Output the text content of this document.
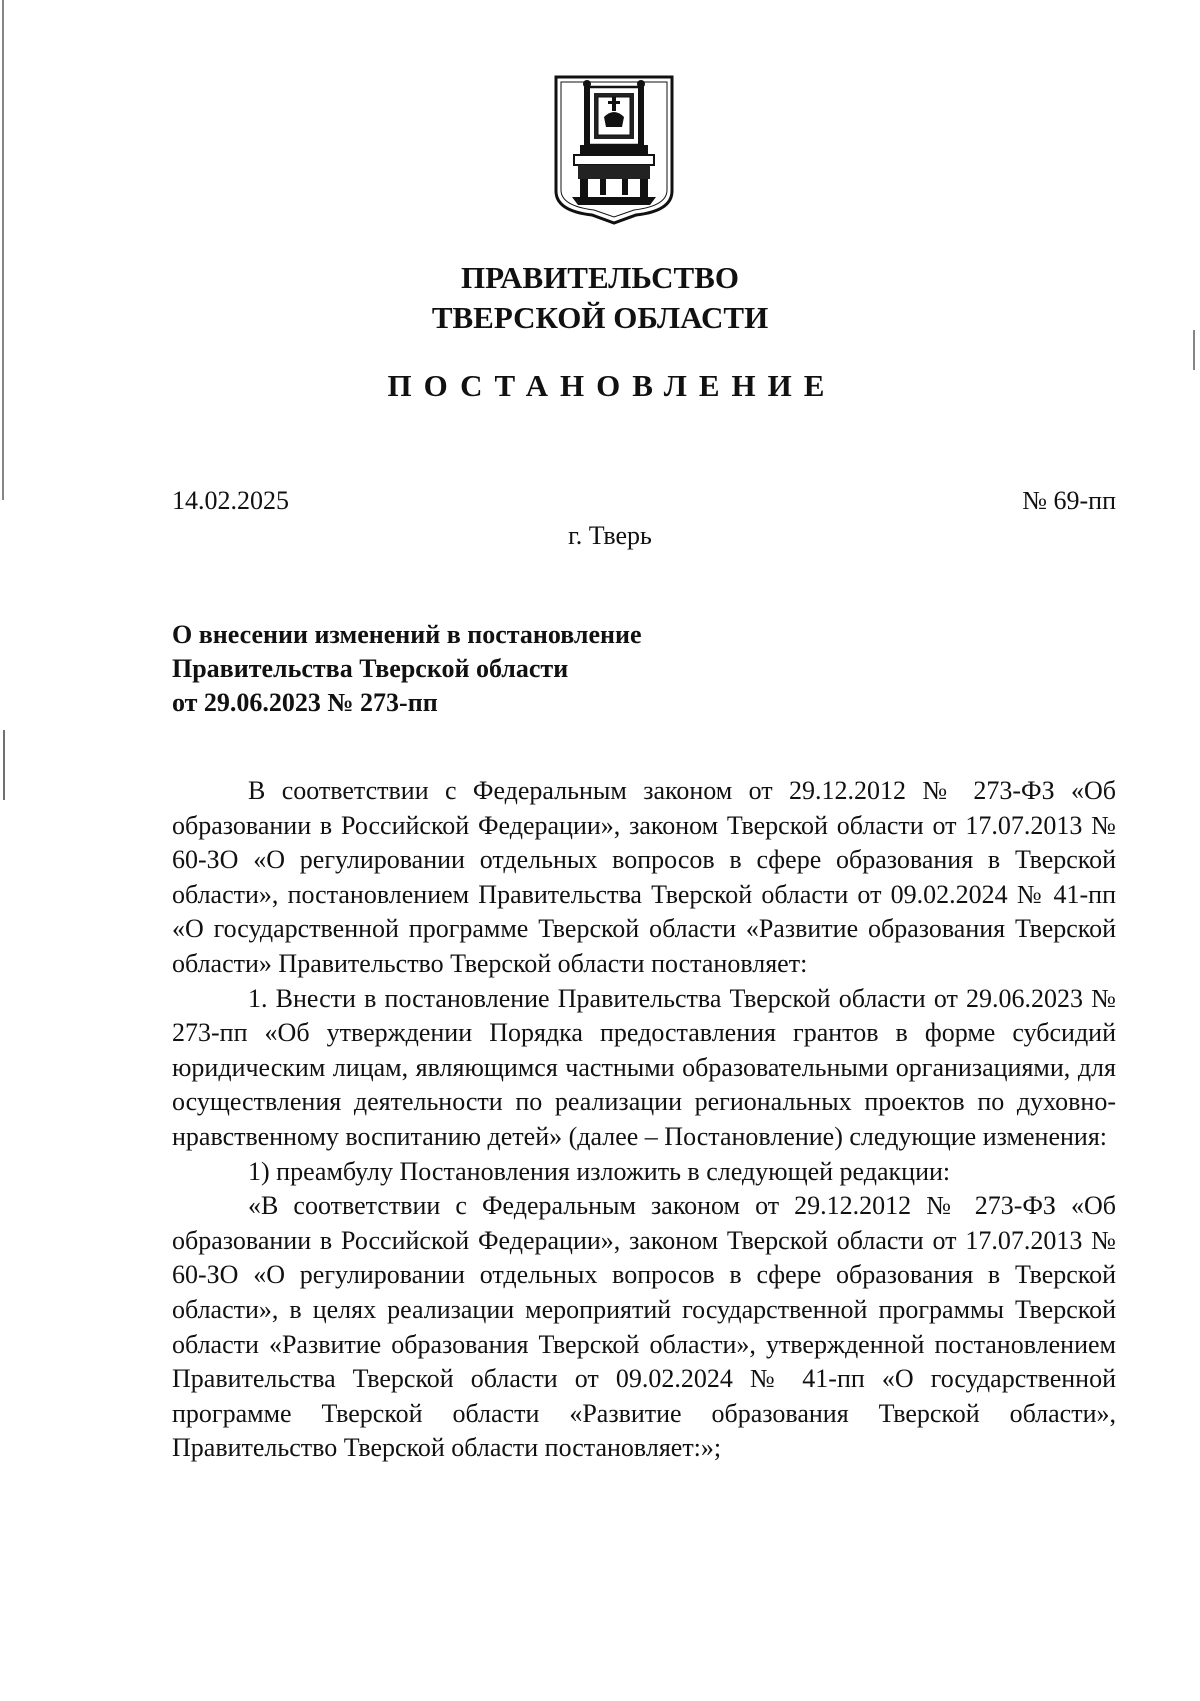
ПРАВИТЕЛЬСТВО
ТВЕРСКОЙ ОБЛАСТИ
ПОСТАНОВЛЕНИЕ
14.02.2025	№ 69-пп
г. Тверь
О внесении изменений в постановление
Правительства Тверской области
от 29.06.2023 № 273-пп

В соответствии с Федеральным законом от 29.12.2012 № 273-ФЗ «Об образовании в Российской Федерации», законом Тверской области от 17.07.2013 № 60-ЗО «О регулировании отдельных вопросов в сфере образования в Тверской области», постановлением Правительства Тверской области от 09.02.2024 № 41-пп «О государственной программе Тверской области «Развитие образования Тверской области» Правительство Тверской области постановляет:

1. Внести в постановление Правительства Тверской области от 29.06.2023 № 273-пп «Об утверждении Порядка предоставления грантов в форме субсидий юридическим лицам, являющимся частными образовательными организациями, для осуществления деятельности по реализации региональных проектов по духовно-нравственному воспитанию детей» (далее – Постановление) следующие изменения:

1) преамбулу Постановления изложить в следующей редакции:

«В соответствии с Федеральным законом от 29.12.2012 № 273-ФЗ «Об образовании в Российской Федерации», законом Тверской области от 17.07.2013 № 60-ЗО «О регулировании отдельных вопросов в сфере образования в Тверской области», в целях реализации мероприятий государственной программы Тверской области «Развитие образования Тверской области», утвержденной постановлением Правительства Тверской области от 09.02.2024 № 41-пп «О государственной программе Тверской области «Развитие образования Тверской области», Правительство Тверской области постановляет:»;
